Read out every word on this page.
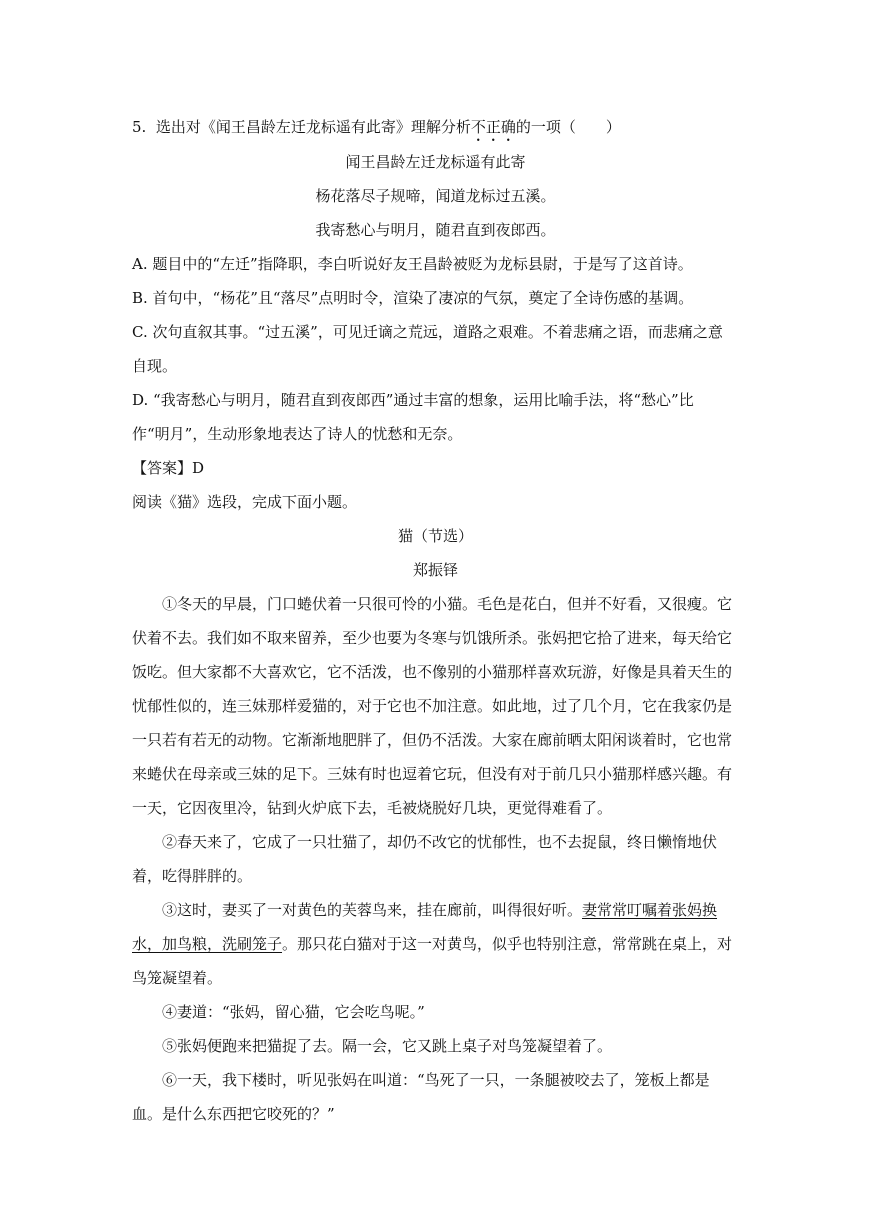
5. 选出对《闻王昌龄左迁龙标遥有此寄》理解分析不正确的一项（　　）
闻王昌龄左迁龙标遥有此寄
杨花落尽子规啼，闻道龙标过五溪。
我寄愁心与明月，随君直到夜郎西。
A. 题目中的“左迁”指降职，李白听说好友王昌龄被贬为龙标县尉，于是写了这首诗。
B. 首句中，“杨花”且“落尽”点明时令，渲染了凄凉的气氛，奠定了全诗伤感的基调。
C. 次句直叙其事。“过五溪”，可见迁谪之荒远，道路之艰难。不着悲痛之语，而悲痛之意
自现。
D. “我寄愁心与明月，随君直到夜郎西”通过丰富的想象，运用比喻手法，将“愁心”比
作“明月”，生动形象地表达了诗人的忧愁和无奈。
【答案】D
阅读《猫》选段，完成下面小题。
猫（节选）
郑振铎

①冬天的早晨，门口蜷伏着一只很可怜的小猫。毛色是花白，但并不好看，又很瘦。它伏着不去。我们如不取来留养，至少也要为冬寒与饥饿所杀。张妈把它拾了进来，每天给它饭吃。但大家都不大喜欢它，它不活泼，也不像别的小猫那样喜欢玩游，好像是具着天生的忧郁性似的，连三妹那样爱猫的，对于它也不加注意。如此地，过了几个月，它在我家仍是一只若有若无的动物。它渐渐地肥胖了，但仍不活泼。大家在廊前晒太阳闲谈着时，它也常来蜷伏在母亲或三妹的足下。三妹有时也逗着它玩，但没有对于前几只小猫那样感兴趣。有一天，它因夜里冷，钻到火炉底下去，毛被烧脱好几块，更觉得难看了。

②春天来了，它成了一只壮猫了，却仍不改它的忧郁性，也不去捉鼠，终日懒惰地伏着，吃得胖胖的。

③这时，妻买了一对黄色的芙蓉鸟来，挂在廊前，叫得很好听。妻常常叮嘱着张妈换水，加鸟粮，洗刷笼子。那只花白猫对于这一对黄鸟，似乎也特别注意，常常跳在桌上，对鸟笼凝望着。

④妻道：“张妈，留心猫，它会吃鸟呢。”

⑤张妈便跑来把猫捉了去。隔一会，它又跳上桌子对鸟笼凝望着了。

⑥一天，我下楼时，听见张妈在叫道：“鸟死了一只，一条腿被咬去了，笼板上都是血。是什么东西把它咬死的？”
